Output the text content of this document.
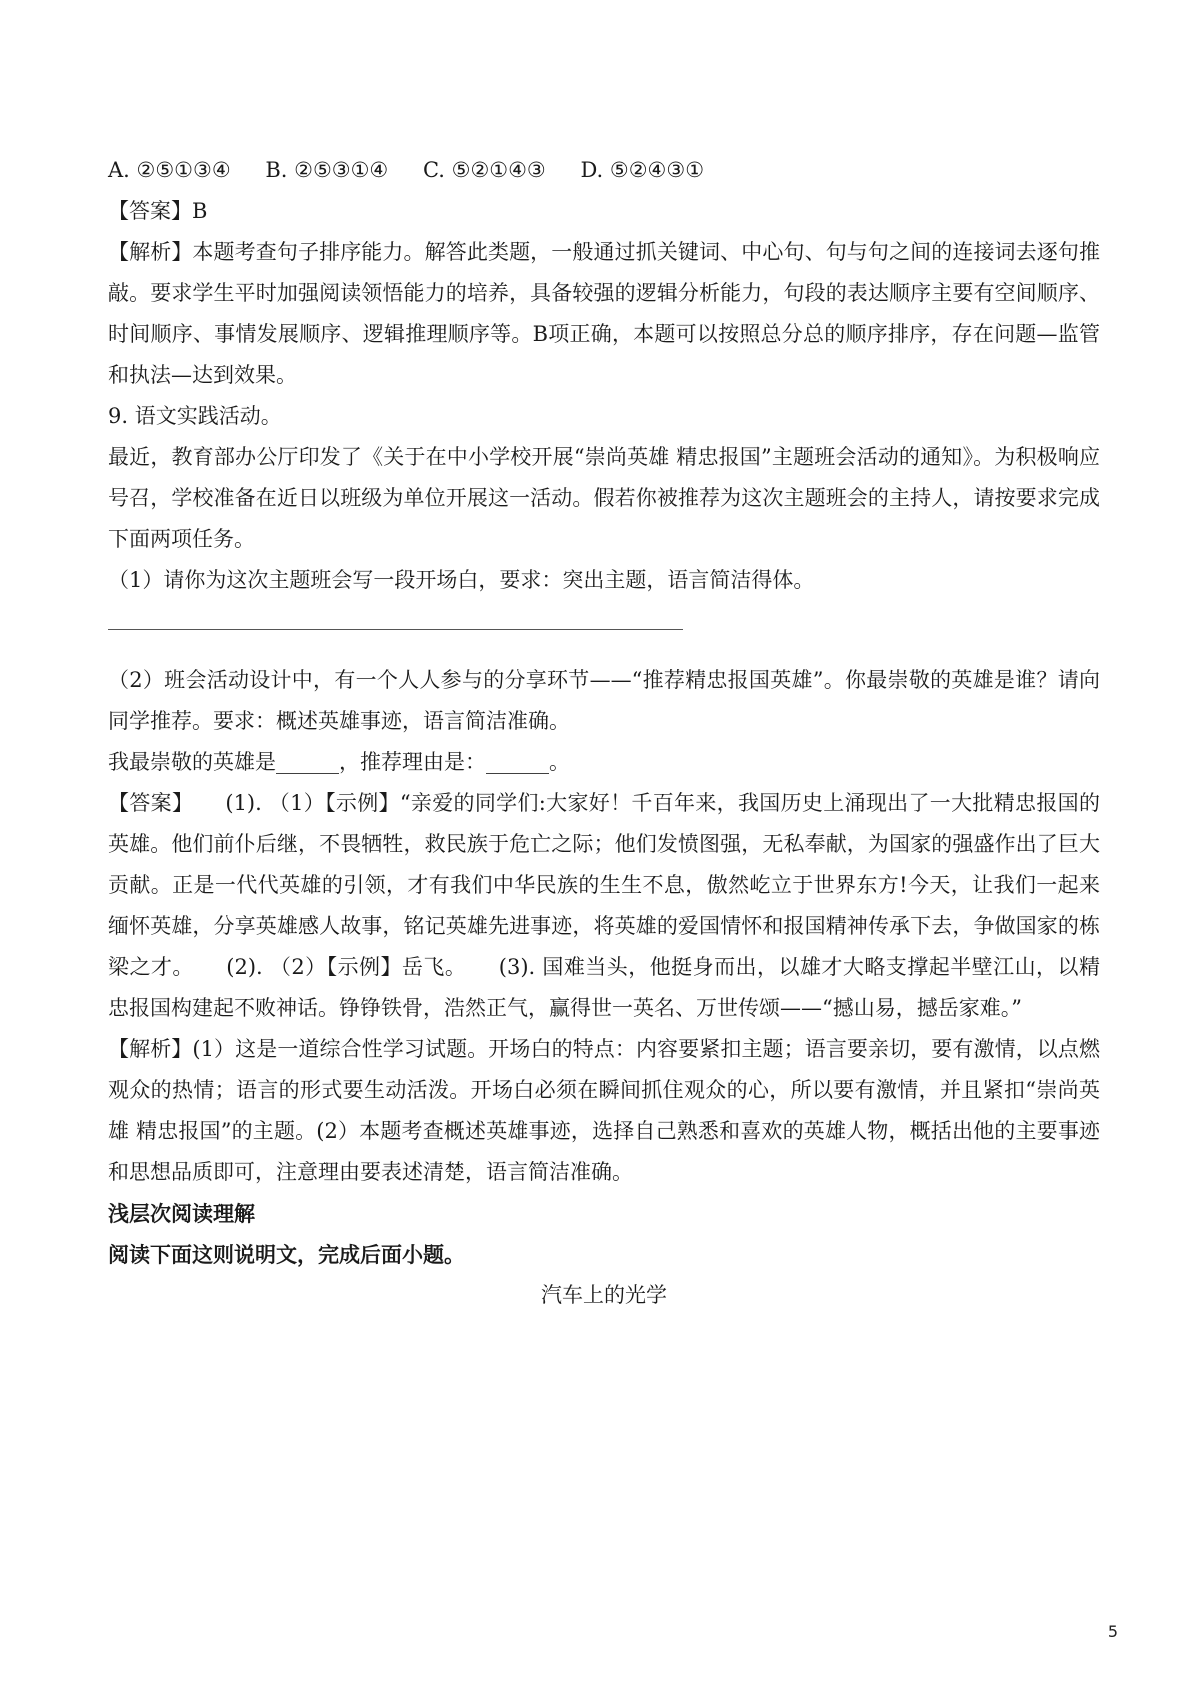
A. ②⑤①③④ B. ②⑤③①④ C. ⑤②①④③ D. ⑤②④③①

【答案】B

【解析】本题考查句子排序能力。解答此类题，一般通过抓关键词、中心句、句与句之间的连接词去逐句推敲。要求学生平时加强阅读领悟能力的培养，具备较强的逻辑分析能力，句段的表达顺序主要有空间顺序、时间顺序、事情发展顺序、逻辑推理顺序等。B项正确，本题可以按照总分总的顺序排序，存在问题—监管和执法—达到效果。

9. 语文实践活动。

最近，教育部办公厅印发了《关于在中小学校开展“崇尚英雄 精忠报国”主题班会活动的通知》。为积极响应号召，学校准备在近日以班级为单位开展这一活动。假若你被推荐为这次主题班会的主持人，请按要求完成下面两项任务。

（1）请你为这次主题班会写一段开场白，要求：突出主题，语言简洁得体。

（2）班会活动设计中，有一个人人参与的分享环节——“推荐精忠报国英雄”。你最崇敬的英雄是谁？请向同学推荐。要求：概述英雄事迹，语言简洁准确。

我最崇敬的英雄是______，推荐理由是：______。

【答案】　　(1). （1）【示例】“亲爱的同学们:大家好！千百年来，我国历史上涌现出了一大批精忠报国的英雄。他们前仆后继，不畏牺牲，救民族于危亡之际；他们发愤图强，无私奉献，为国家的强盛作出了巨大贡献。正是一代代英雄的引领，才有我们中华民族的生生不息，傲然屹立于世界东方!今天，让我们一起来缅怀英雄，分享英雄感人故事，铭记英雄先进事迹，将英雄的爱国情怀和报国精神传承下去，争做国家的栋梁之才。　　(2). （2）【示例】岳飞。　　(3). 国难当头，他挺身而出，以雄才大略支撑起半壁江山，以精忠报国构建起不败神话。铮铮铁骨，浩然正气，赢得世一英名、万世传颂——“撼山易，撼岳家难。”

【解析】(1）这是一道综合性学习试题。开场白的特点：内容要紧扣主题；语言要亲切，要有激情，以点燃观众的热情；语言的形式要生动活泼。开场白必须在瞬间抓住观众的心，所以要有激情，并且紧扣“崇尚英雄 精忠报国”的主题。(2）本题考查概述英雄事迹，选择自己熟悉和喜欢的英雄人物，概括出他的主要事迹和思想品质即可，注意理由要表述清楚，语言简洁准确。

浅层次阅读理解

阅读下面这则说明文，完成后面小题。

汽车上的光学

5
